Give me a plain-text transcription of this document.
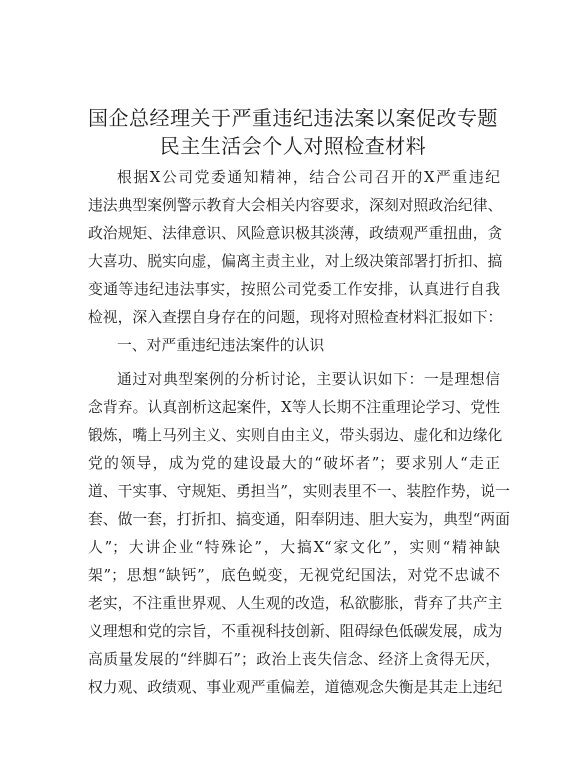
国企总经理关于严重违纪违法案以案促改专题
民主生活会个人对照检查材料
根据X公司党委通知精神，结合公司召开的X严重违纪
违法典型案例警示教育大会相关内容要求，深刻对照政治纪律、
政治规矩、法律意识、风险意识极其淡薄，政绩观严重扭曲，贪
大喜功、脱实向虚，偏离主责主业，对上级决策部署打折扣、搞
变通等违纪违法事实，按照公司党委工作安排，认真进行自我
检视，深入查摆自身存在的问题，现将对照检查材料汇报如下：
一、对严重违纪违法案件的认识
通过对典型案例的分析讨论，主要认识如下：一是理想信
念背弃。认真剖析这起案件，X等人长期不注重理论学习、党性
锻炼，嘴上马列主义、实则自由主义，带头弱边、虚化和边缘化
党的领导，成为党的建设最大的“破坏者”；要求别人“走正
道、干实事、守规矩、勇担当”，实则表里不一、装腔作势，说一
套、做一套，打折扣、搞变通，阳奉阴违、胆大妄为，典型“两面
人”；大讲企业“特殊论”，大搞X“家文化”，实则“精神缺
架”；思想“缺钙”，底色蜕变，无视党纪国法，对党不忠诚不
老实，不注重世界观、人生观的改造，私欲膨胀，背弃了共产主
义理想和党的宗旨，不重视科技创新、阻碍绿色低碳发展，成为
高质量发展的“绊脚石”；政治上丧失信念、经济上贪得无厌，
权力观、政绩观、事业观严重偏差，道德观念失衡是其走上违纪
